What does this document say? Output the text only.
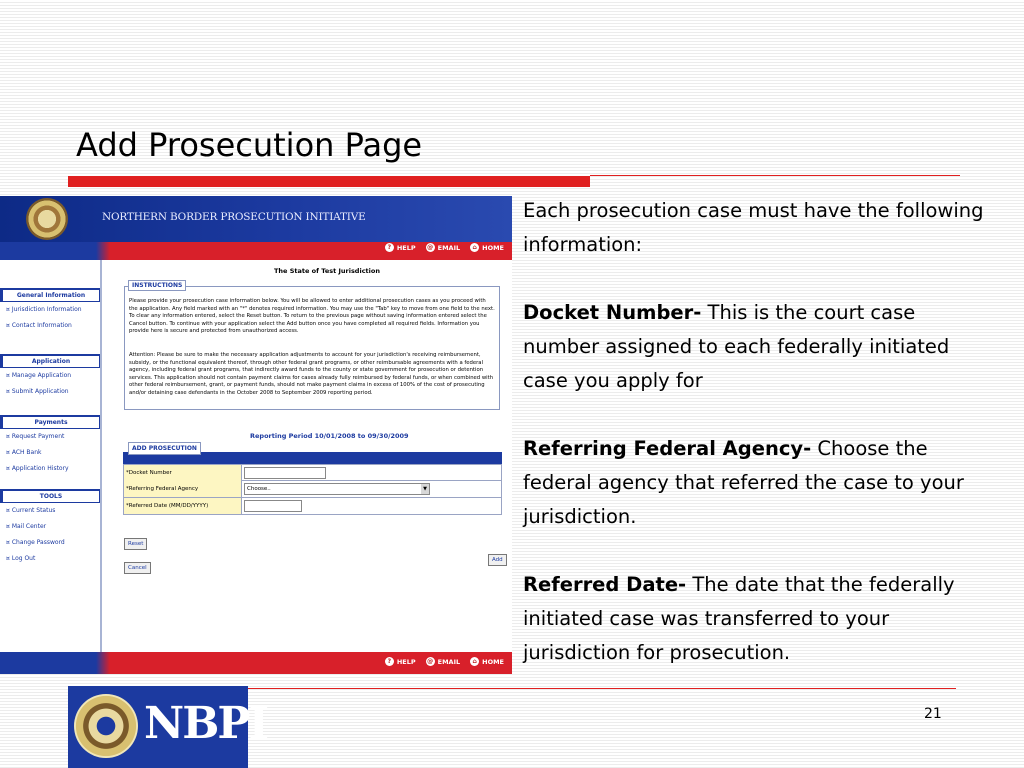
Add Prosecution Page
NORTHERN BORDER PROSECUTION INITIATIVE
? HELP @ EMAIL	⌂ HOME
General Information
¤ Jurisdiction Information
¤ Contact Information
Application
¤ Manage Application
¤ Submit Application
Payments
¤ Request Payment
¤ ACH Bank
¤ Application History
TOOLS
¤ Current Status
¤ Mail Center
¤ Change Password
¤ Log Out
The State of Test Jurisdiction
INSTRUCTIONS
Please provide your prosecution case information below. You will be allowed to enter additional prosecution cases as you proceed with the application. Any field marked with an "*" denotes required information. You may use the "Tab" key to move from one field to the next. To clear any information entered, select the Reset button. To return to the previous page without saving information entered select the Cancel button. To continue with your application select the Add button once you have completed all required fields. Information you provide here is secure and protected from unauthorized access.
Attention: Please be sure to make the necessary application adjustments to account for your jurisdiction's receiving reimbursement, subsidy, or the functional equivalent thereof, through other federal grant programs, or other reimbursable agreements with a federal agency, including federal grant programs, that indirectly award funds to the county or state government for prosecution or detention services. This application should not contain payment claims for cases already fully reimbursed by federal funds, or when combined with other federal reimbursement, grant, or payment funds, should not make payment claims in excess of 100% of the cost of prosecuting and/or detaining case defendants in the October 2008 to September 2009 reporting period.
Reporting Period 10/01/2008 to 09/30/2009
ADD PROSECUTION
*Docket Number
*Referring Federal Agency	Choose..	▼
*Referred Date (MM/DD/YYYY)
Reset
Cancel
Add
? HELP @ EMAIL	⌂ HOME
Each prosecution case must have the following information:
Docket Number- This is the court case number assigned to each federally initiated case you apply for
Referring Federal Agency- Choose the federal agency that referred the case to your jurisdiction.
Referred Date- The date that the federally initiated case was transferred to your jurisdiction for prosecution.
NBPI	21
